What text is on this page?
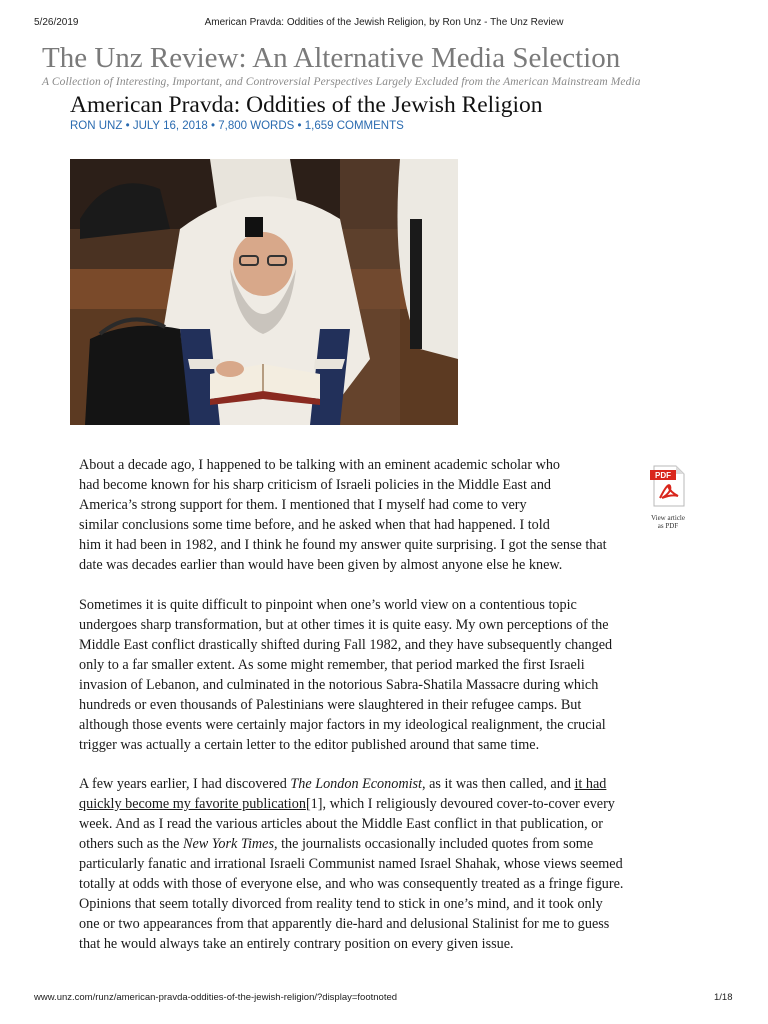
5/26/2019	American Pravda: Oddities of the Jewish Religion, by Ron Unz - The Unz Review
The Unz Review: An Alternative Media Selection
A Collection of Interesting, Important, and Controversial Perspectives Largely Excluded from the American Mainstream Media
American Pravda: Oddities of the Jewish Religion
RON UNZ • JULY 16, 2018 • 7,800 WORDS • 1,659 COMMENTS
PDF
View article
as PDF
About a decade ago, I happened to be talking with an eminent academic scholar who
had become known for his sharp criticism of Israeli policies in the Middle East and
America’s strong support for them. I mentioned that I myself had come to very
similar conclusions some time before, and he asked when that had happened. I told
him it had been in 1982, and I think he found my answer quite surprising. I got the sense that
date was decades earlier than would have been given by almost anyone else he knew.
Sometimes it is quite difficult to pinpoint when one’s world view on a contentious topic
undergoes sharp transformation, but at other times it is quite easy. My own perceptions of the
Middle East conflict drastically shifted during Fall 1982, and they have subsequently changed
only to a far smaller extent. As some might remember, that period marked the first Israeli
invasion of Lebanon, and culminated in the notorious Sabra-Shatila Massacre during which
hundreds or even thousands of Palestinians were slaughtered in their refugee camps. But
although those events were certainly major factors in my ideological realignment, the crucial
trigger was actually a certain letter to the editor published around that same time.
A few years earlier, I had discovered The London Economist, as it was then called, and it had
quickly become my favorite publication[1], which I religiously devoured cover-to-cover every
week. And as I read the various articles about the Middle East conflict in that publication, or
others such as the New York Times, the journalists occasionally included quotes from some
particularly fanatic and irrational Israeli Communist named Israel Shahak, whose views seemed
totally at odds with those of everyone else, and who was consequently treated as a fringe figure.
Opinions that seem totally divorced from reality tend to stick in one’s mind, and it took only
one or two appearances from that apparently die-hard and delusional Stalinist for me to guess
that he would always take an entirely contrary position on every given issue.
www.unz.com/runz/american-pravda-oddities-of-the-jewish-religion/?display=footnoted	1/18
